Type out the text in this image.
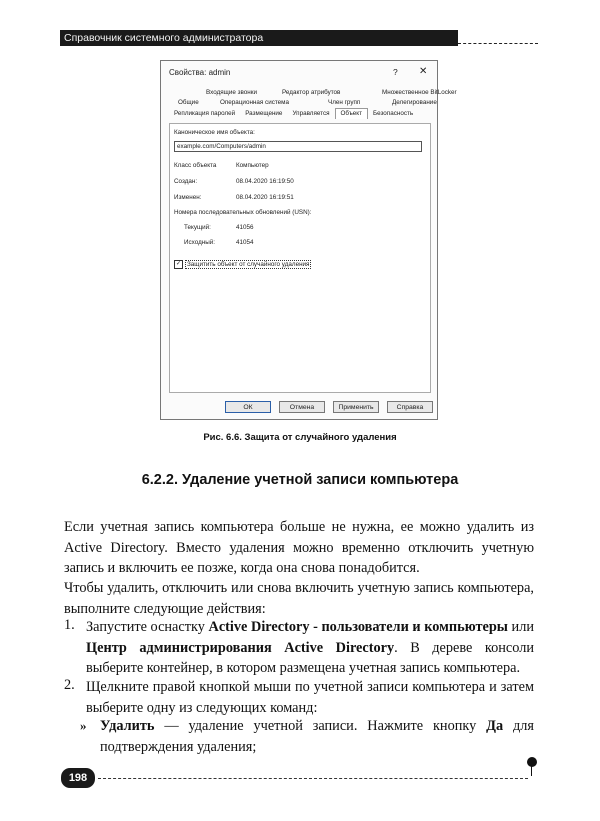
Справочник системного администратора
Свойства: admin	? ✕
Входящие звонки	Редактор атрибутов	Множественное BitLocker
Общие	Операционная система	Член групп	Делегирование
Репликация паролей	Размещение	Управляется	Объект	Безопасность
Каноническое имя объекта:
example.com/Computers/admin
Класс объекта	Компьютер
Создан:	08.04.2020 16:19:50
Изменен:	08.04.2020 16:19:51
Номера последовательных обновлений (USN):
Текущий:	41056
Исходный:	41054
✓ Защитить объект от случайного удаления
ОК	Отмена	Применить	Справка
Рис. 6.6. Защита от случайного удаления
6.2.2. Удаление учетной записи компьютера
Если учетная запись компьютера больше не нужна, ее можно удалить из Active Directory. Вместо удаления можно временно отключить учетную запись и включить ее позже, когда она снова понадобится.
Чтобы удалить, отключить или снова включить учетную запись компьютера, выполните следующие действия:
1. Запустите оснастку Active Directory - пользователи и компьютеры или Центр администрирования Active Directory. В дереве консоли выберите контейнер, в котором размещена учетная запись компьютера.
2. Щелкните правой кнопкой мыши по учетной записи компьютера и затем выберите одну из следующих команд:
» Удалить — удаление учетной записи. Нажмите кнопку Да для подтверждения удаления;
198
